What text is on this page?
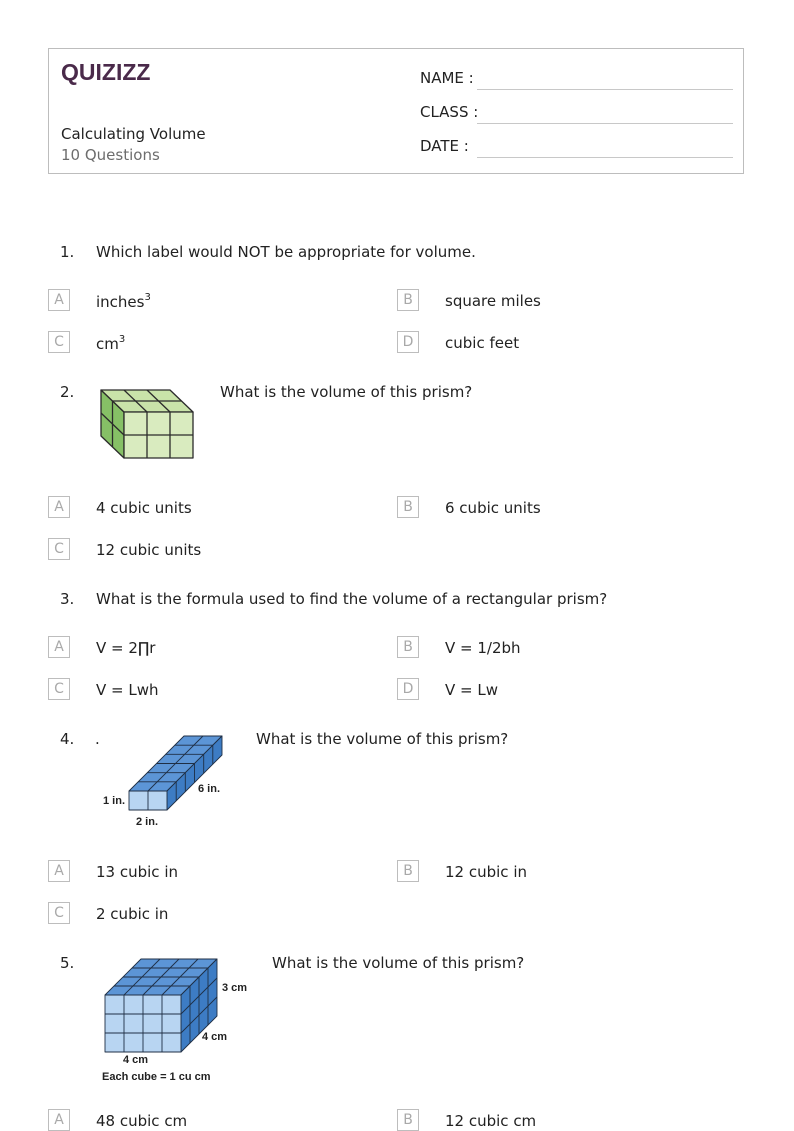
QUIZIZZ
Calculating Volume
10 Questions
NAME :
CLASS :
DATE :
1. Which label would NOT be appropriate for volume.
A	inches$^3$	B	square miles
C	$cm^3$	D	cubic feet
2.	What is the volume of this prism?
A	4 cubic units	B	6 cubic units
C	12 cubic units
3. What is the formula used to find the volume of a rectangular prism?
A	V = 2∏r	B	V = 1/2bh
C	V = Lwh	D	V = Lw
4. .
1 in.
2 in.
6 in.
What is the volume of this prism?
A	13 cubic in	B	12 cubic in
C	2 cubic in
5.
3 cm
4 cm
4 cm
Each cube = 1 cu cm
What is the volume of this prism?
A	48 cubic cm	B	12 cubic cm
